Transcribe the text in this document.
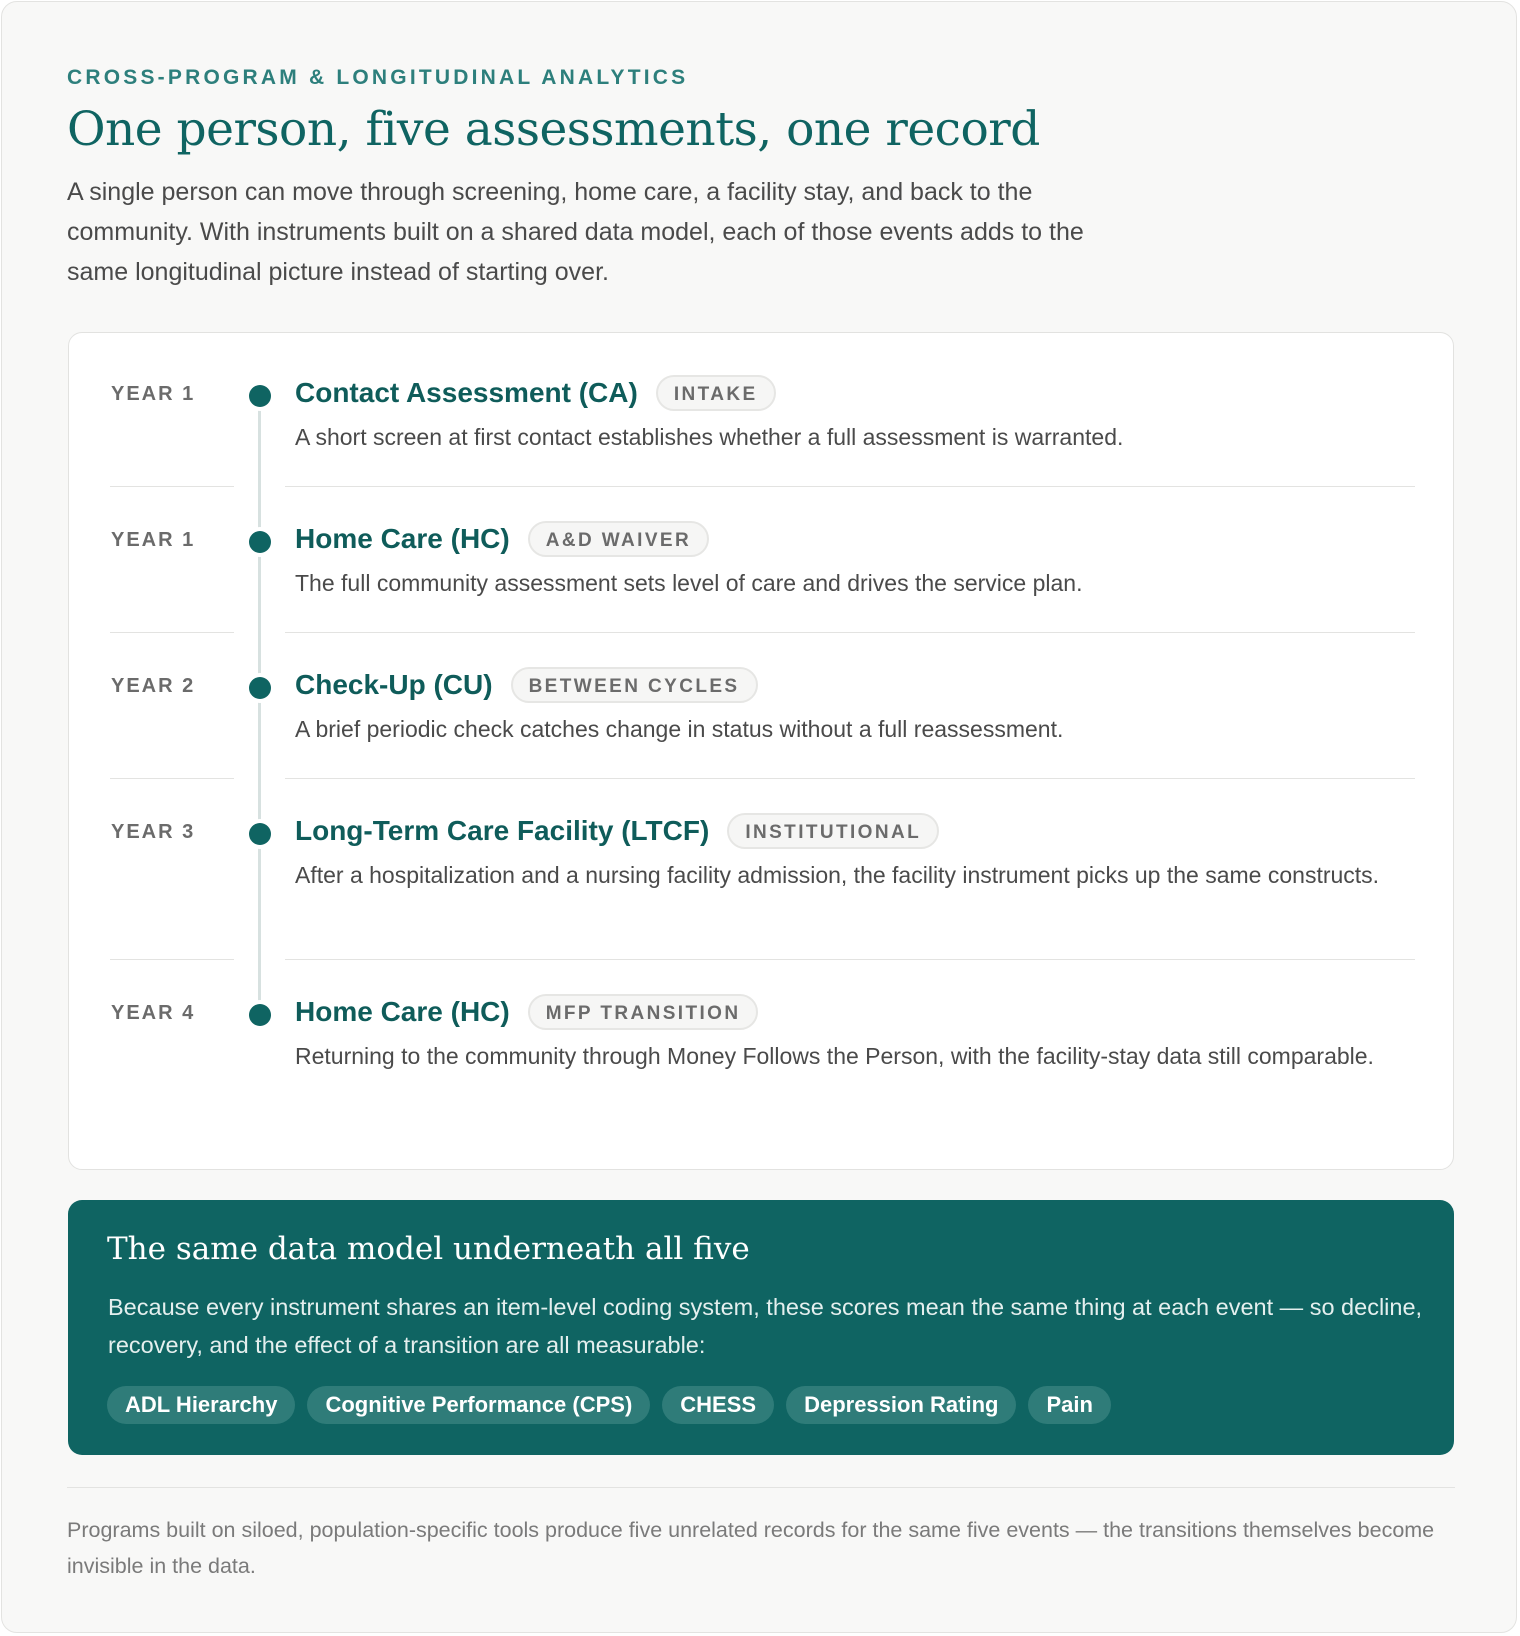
CROSS-PROGRAM & LONGITUDINAL ANALYTICS
One person, five assessments, one record

A single person can move through screening, home care, a facility stay, and back to the community. With instruments built on a shared data model, each of those events adds to the same longitudinal picture instead of starting over.

YEAR 1	Contact Assessment (CA)	INTAKE

A short screen at first contact establishes whether a full assessment is warranted.

YEAR 1	Home Care (HC)	A&D WAIVER

The full community assessment sets level of care and drives the service plan.

YEAR 2	Check-Up (CU)	BETWEEN CYCLES

A brief periodic check catches change in status without a full reassessment.

YEAR 3	Long-Term Care Facility (LTCF)	INSTITUTIONAL

After a hospitalization and a nursing facility admission, the facility instrument picks up the same constructs.

YEAR 4	Home Care (HC)	MFP TRANSITION

Returning to the community through Money Follows the Person, with the facility-stay data still comparable.

The same data model underneath all five

Because every instrument shares an item-level coding system, these scores mean the same thing at each event — so decline, recovery, and the effect of a transition are all measurable:

ADL Hierarchy	Cognitive Performance (CPS)	CHESS	Depression Rating	Pain

Programs built on siloed, population-specific tools produce five unrelated records for the same five events — the transitions themselves become invisible in the data.
